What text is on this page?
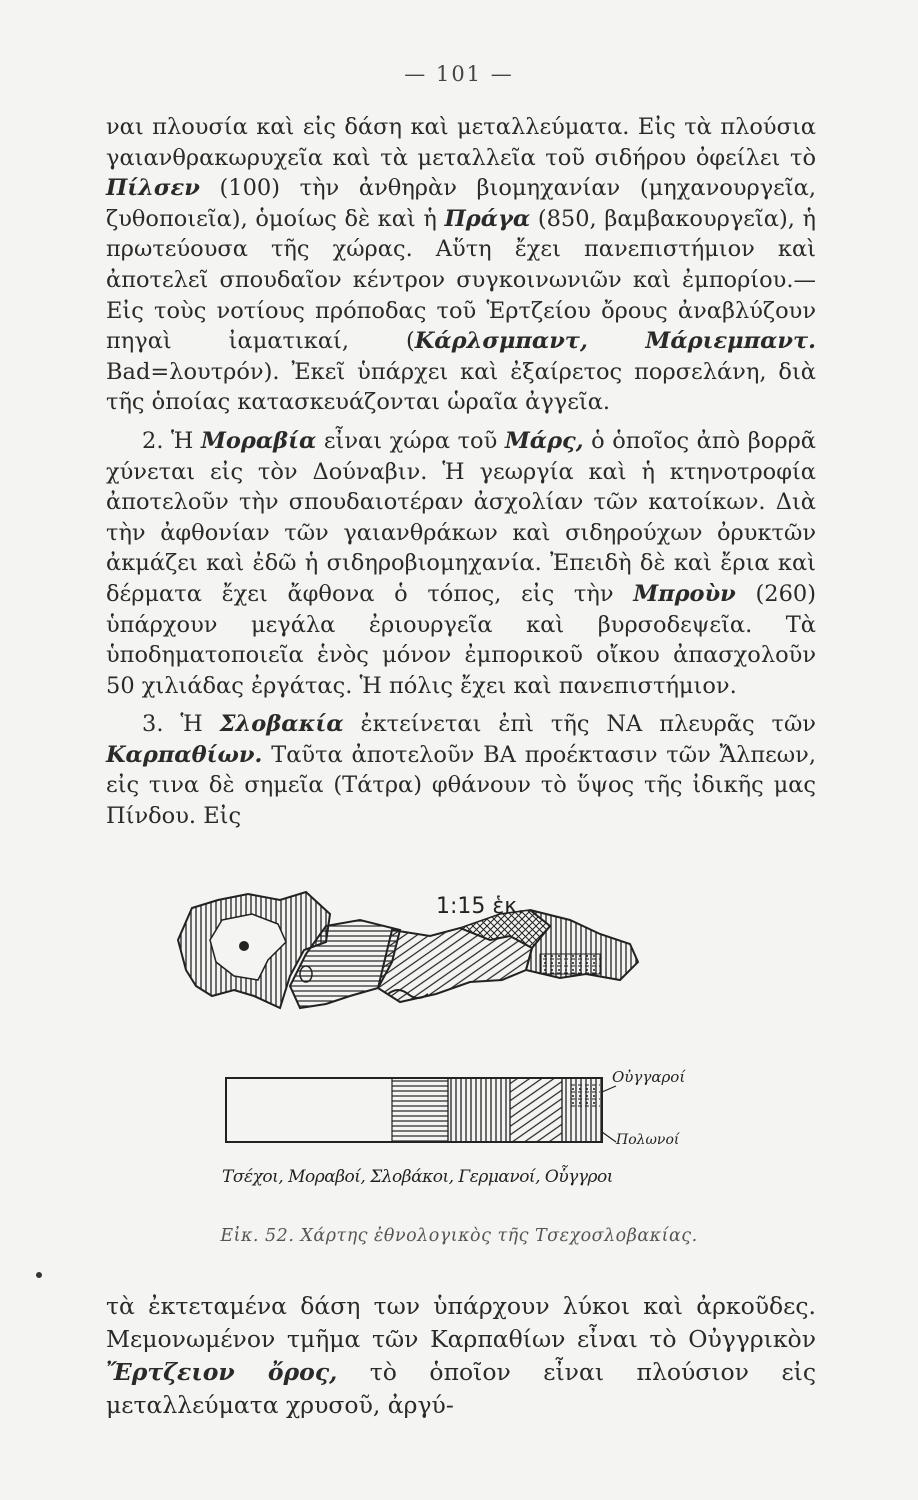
— 101 —

ναι πλουσία καὶ εἰς δάση καὶ μεταλλεύματα. Εἰς τὰ πλούσια γαιανθρακωρυχεῖα καὶ τὰ μεταλλεῖα τοῦ σιδήρου ὀφείλει τὸ Πίλσεν (100) τὴν ἀνθηρὰν βιομηχανίαν (μηχανουργεῖα, ζυθοποιεῖα), ὁμοίως δὲ καὶ ἡ Πράγα (850, βαμβακουργεῖα), ἡ πρωτεύουσα τῆς χώρας. Αὕτη ἔχει πανεπιστήμιον καὶ ἀποτελεῖ σπουδαῖον κέντρον συγκοινωνιῶν καὶ ἐμπορίου.—Εἰς τοὺς νοτίους πρόποδας τοῦ Ἑρτζείου ὄρους ἀναβλύζουν πηγαὶ ἰαματικαί, (Κάρλσμπαντ, Μάριεμπαντ. Bad=λουτρόν). Ἐκεῖ ὑπάρχει καὶ ἐξαίρετος πορσελάνη, διὰ τῆς ὁποίας κατασκευάζονται ὡραῖα ἀγγεῖα.

2. Ἡ Μοραβία εἶναι χώρα τοῦ Μάρς, ὁ ὁποῖος ἀπὸ βορρᾶ χύνεται εἰς τὸν Δούναβιν. Ἡ γεωργία καὶ ἡ κτηνοτροφία ἀποτελοῦν τὴν σπουδαιοτέραν ἀσχολίαν τῶν κατοίκων. Διὰ τὴν ἀφθονίαν τῶν γαιανθράκων καὶ σιδηρούχων ὀρυκτῶν ἀκμάζει καὶ ἐδῶ ἡ σιδηροβιομηχανία. Ἐπειδὴ δὲ καὶ ἔρια καὶ δέρματα ἔχει ἄφθονα ὁ τόπος, εἰς τὴν Μπροὺν (260) ὑπάρχουν μεγάλα ἐριουργεῖα καὶ βυρσοδεψεῖα. Τὰ ὑποδηματοποιεῖα ἑνὸς μόνον ἐμπορικοῦ οἴκου ἀπασχολοῦν 50 χιλιάδας ἐργάτας. Ἡ πόλις ἔχει καὶ πανεπιστήμιον.

3. Ἡ Σλοβακία ἐκτείνεται ἐπὶ τῆς ΝΑ πλευρᾶς τῶν Καρπαθίων. Ταῦτα ἀποτελοῦν ΒΑ προέκτασιν τῶν Ἄλπεων, εἰς τινα δὲ σημεῖα (Τάτρα) φθάνουν τὸ ὕψος τῆς ἰδικῆς μας Πίνδου. Εἰς

1:15 ἑκ.
Οὐγγαροί
Πολωνοί
Τσέχοι, Μοραβοί, Σλοβάκοι, Γερμανοί, Οὗγγροι
Εἰκ. 52. Χάρτης ἐθνολογικὸς τῆς Τσεχοσλοβακίας.

τὰ ἐκτεταμένα δάση των ὑπάρχουν λύκοι καὶ ἀρκοῦδες. Μεμονωμένον τμῆμα τῶν Καρπαθίων εἶναι τὸ Οὐγγρικὸν Ἔρτζειον ὄρος, τὸ ὁποῖον εἶναι πλούσιον εἰς μεταλλεύματα χρυσοῦ, ἀργύ-
